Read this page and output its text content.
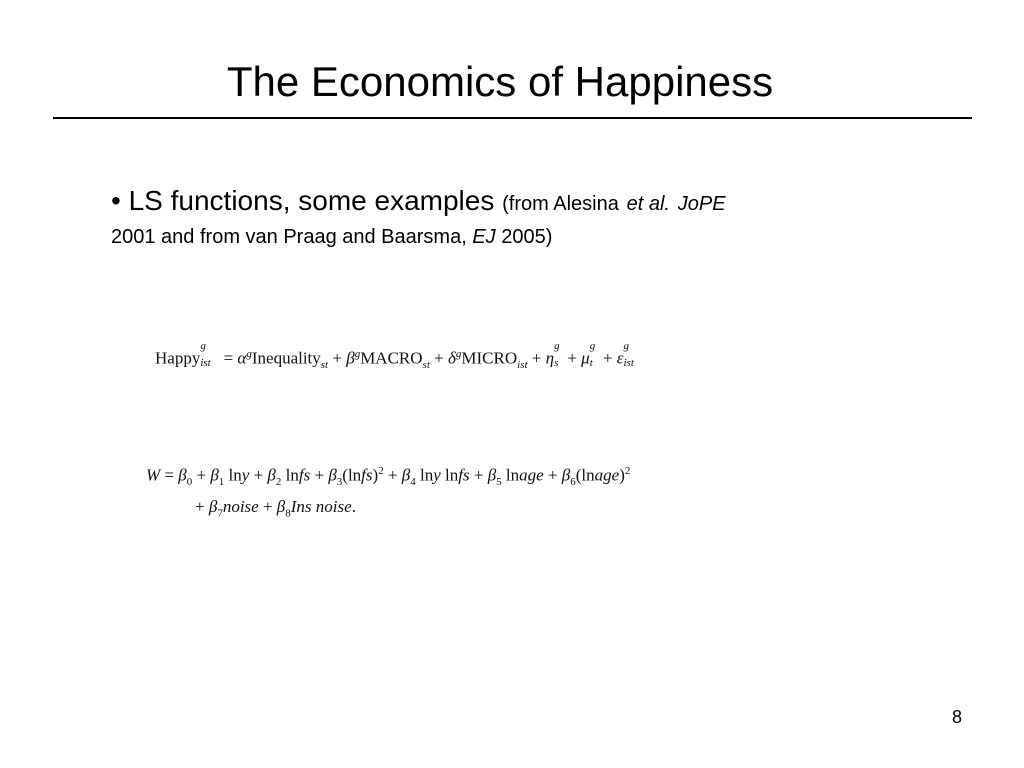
The Economics of Happiness
• LS functions, some examples (from Alesina et al. JoPE
2001 and from van Praag and Baarsma, EJ 2005)
Happy
g
ist = $\alpha^gInequality_{st}$ + $\beta^gMACRO_{st}$ + $\delta^gMICRO_{ist} + \eta$
g
s + μ
g
t + ε
g
ist
$W = \beta_0 + \beta_1$ $\ln y + \beta_2$ lnfs + $\beta_3(lnfs)^2 + \beta_4$ lny lnfs + $\beta_5$ lnage + $\beta_6(lnage)^2$
+ $\beta_7noise + \beta_8Ins$ noise.
8
